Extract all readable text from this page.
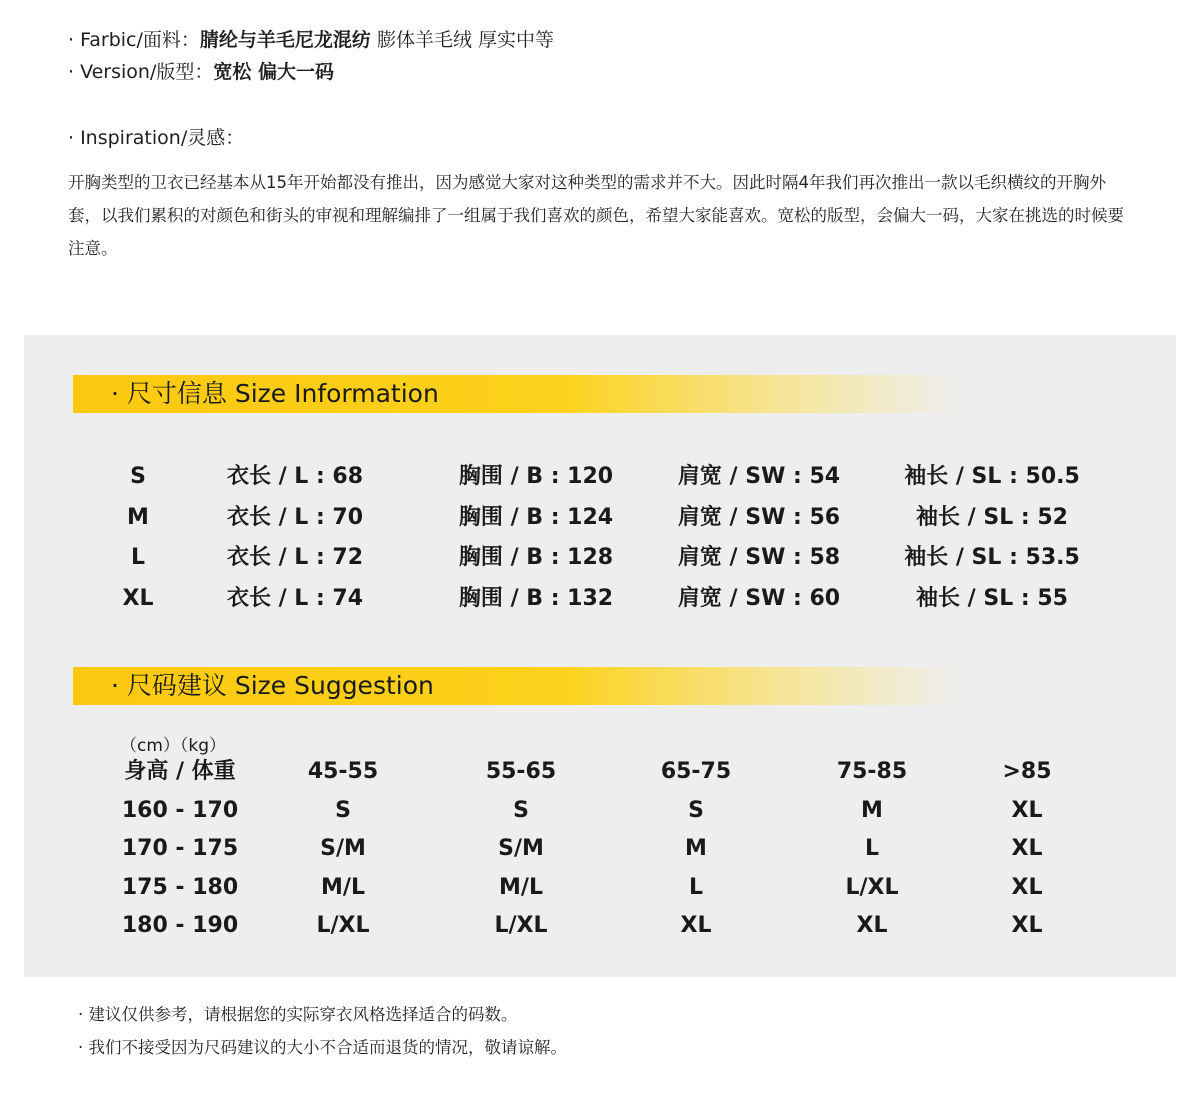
· Farbic/面料：腈纶与羊毛尼龙混纺 膨体羊毛绒 厚实中等
· Version/版型：宽松 偏大一码
· Inspiration/灵感：
开胸类型的卫衣已经基本从15年开始都没有推出，因为感觉大家对这种类型的需求并不大。因此时隔4年我们再次推出一款以毛织横纹的开胸外套，以我们累积的对颜色和街头的审视和理解编排了一组属于我们喜欢的颜色，希望大家能喜欢。宽松的版型，会偏大一码，大家在挑选的时候要注意。
· 尺寸信息 Size Information
S	衣长 / L : 68	胸围 / B : 120	肩宽 / SW : 54	袖长 / SL : 50.5
M	衣长 / L : 70	胸围 / B : 124	肩宽 / SW : 56	袖长 / SL : 52
L	衣长 / L : 72	胸围 / B : 128	肩宽 / SW : 58	袖长 / SL : 53.5
XL	衣长 / L : 74	胸围 / B : 132	肩宽 / SW : 60	袖长 / SL : 55
· 尺码建议 Size Suggestion
（cm）（kg）
身高 / 体重	45-55	55-65	65-75	75-85	>85
160 - 170	S	S	S	M	XL
170 - 175	S/M	S/M	M	L	XL
175 - 180	M/L	M/L	L	L/XL	XL
180 - 190	L/XL	L/XL	XL	XL	XL
· 建议仅供参考，请根据您的实际穿衣风格选择适合的码数。
· 我们不接受因为尺码建议的大小不合适而退货的情况，敬请谅解。
